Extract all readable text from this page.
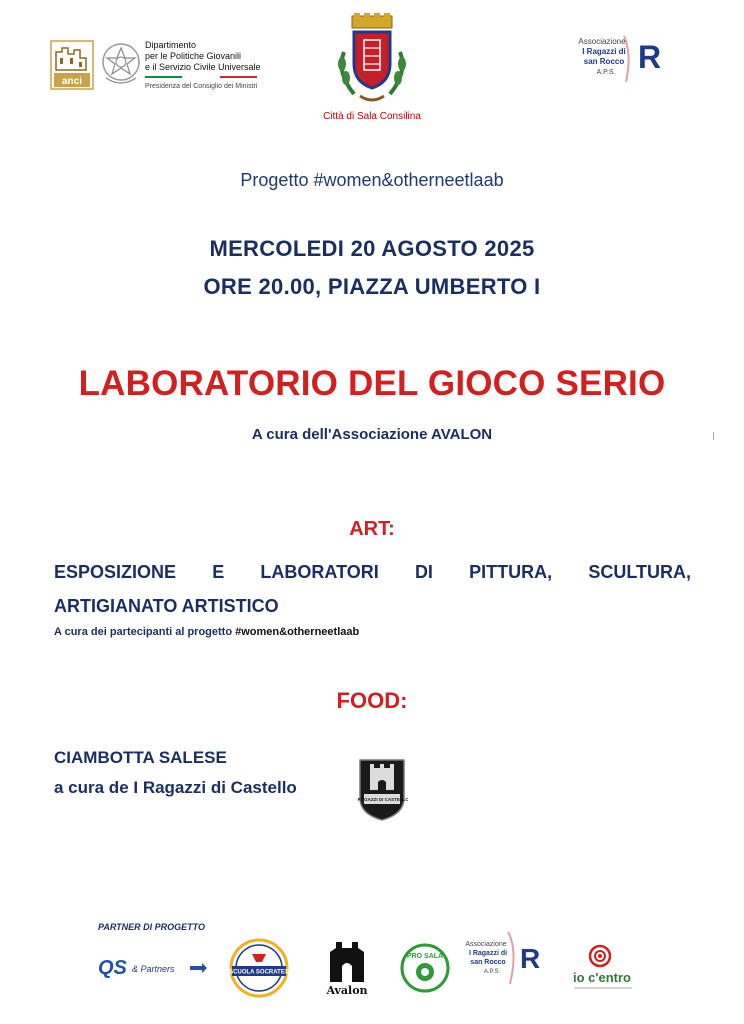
anci
Dipartimento
per le Politiche Giovanili
e il Servizio Civile Universale
Presidenza del Consiglio dei Ministri
Città di Sala Consilina
Associazione
I Ragazzi di
san Rocco
A.P.S. R
Progetto #women&otherneetlaab
MERCOLEDI 20 AGOSTO 2025
ORE 20.00, PIAZZA UMBERTO I
LABORATORIO DEL GIOCO SERIO
A cura dell'Associazione AVALON
ART:
ESPOSIZIONE E LABORATORI DI PITTURA, SCULTURA,
ARTIGIANATO ARTISTICO
A cura dei partecipanti al progetto #women&otherneetlaab
FOOD:
CIAMBOTTA SALESE
a cura de I Ragazzi di Castello
I RAGAZZI DI CASTELLO
PARTNER DI PROGETTO
QS & Partners	SCUOLA SOCRATES
Avalon
PRO SALA
Associazione
I Ragazzi di
san Rocco
A.P.S. R
io c'entro
